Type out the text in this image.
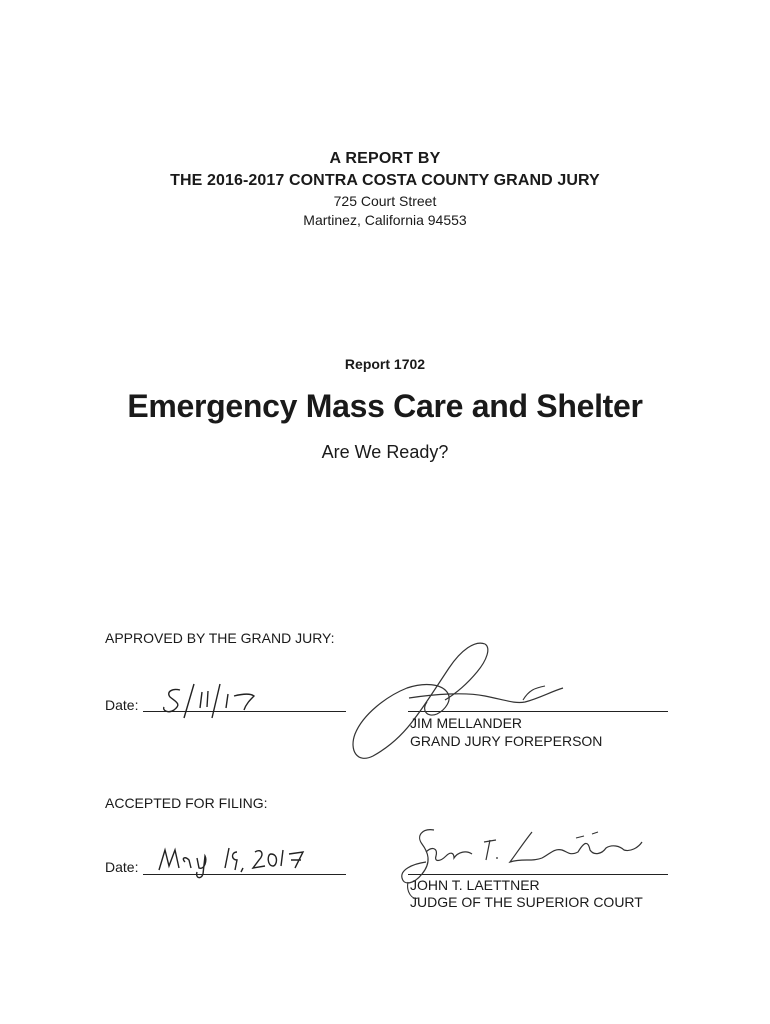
A REPORT BY
THE 2016-2017 CONTRA COSTA COUNTY GRAND JURY
725 Court Street
Martinez, California 94553
Report 1702
Emergency Mass Care and Shelter
Are We Ready?
APPROVED BY THE GRAND JURY:
Date:
JIM MELLANDER
GRAND JURY FOREPERSON
ACCEPTED FOR FILING:
Date:
JOHN T. LAETTNER
JUDGE OF THE SUPERIOR COURT
